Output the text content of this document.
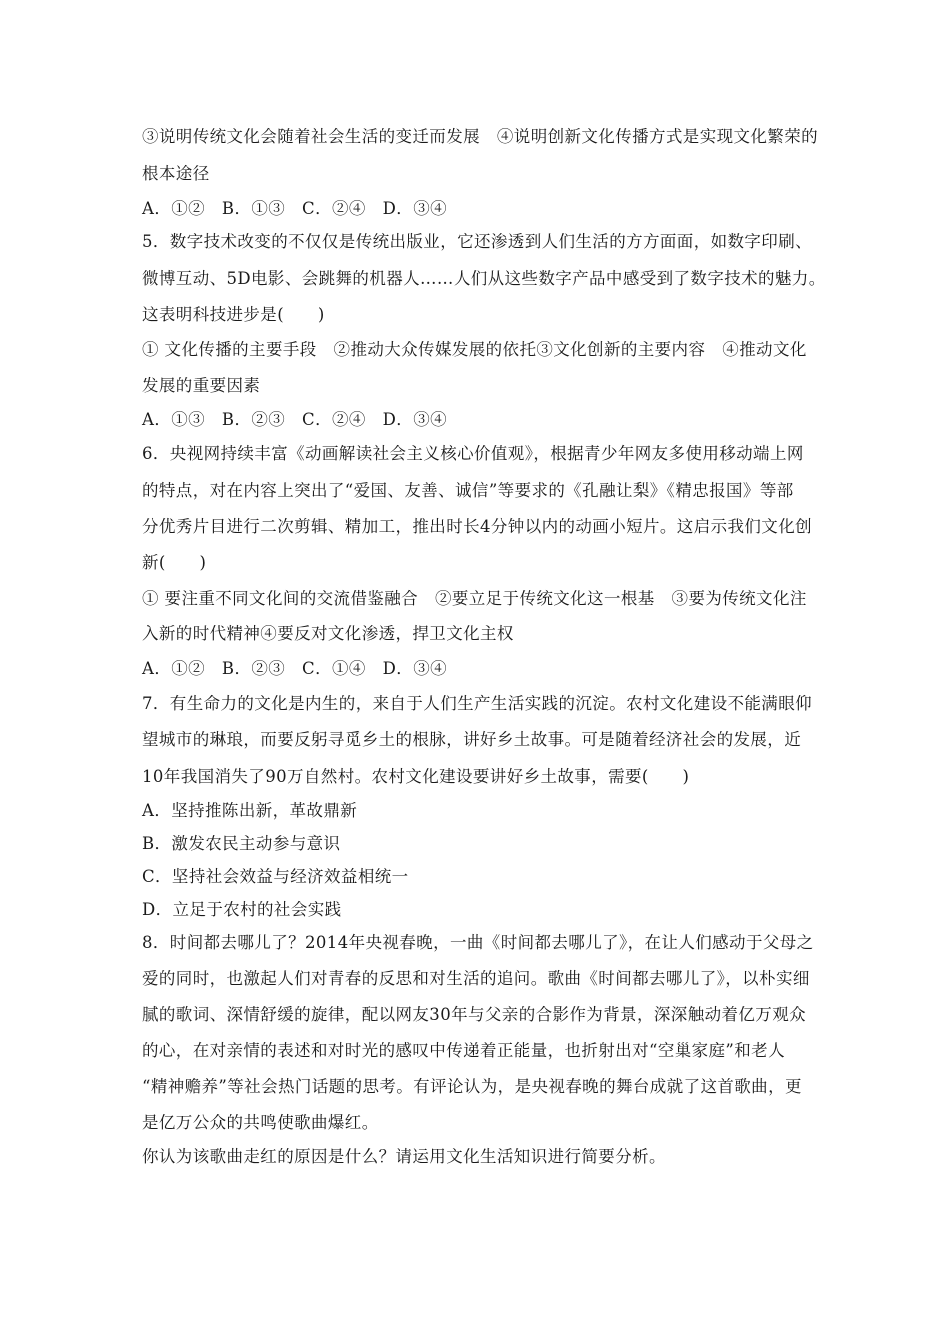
③说明传统文化会随着社会生活的变迁而发展　④说明创新文化传播方式是实现文化繁荣的

根本途径

A．①②　B．①③　C．②④　D．③④

5．数字技术改变的不仅仅是传统出版业，它还渗透到人们生活的方方面面，如数字印刷、

微博互动、5D电影、会跳舞的机器人……人们从这些数字产品中感受到了数字技术的魅力。

这表明科技进步是(　　)

① 文化传播的主要手段　②推动大众传媒发展的依托③文化创新的主要内容　④推动文化

发展的重要因素

A．①③　B．②③　C．②④　D．③④

6．央视网持续丰富《动画解读社会主义核心价值观》，根据青少年网友多使用移动端上网

的特点，对在内容上突出了“爱国、友善、诚信”等要求的《孔融让梨》《精忠报国》等部

分优秀片目进行二次剪辑、精加工，推出时长4分钟以内的动画小短片。这启示我们文化创

新(　　)

① 要注重不同文化间的交流借鉴融合　②要立足于传统文化这一根基　③要为传统文化注

入新的时代精神④要反对文化渗透，捍卫文化主权

A．①②　B．②③　C．①④　D．③④

7．有生命力的文化是内生的，来自于人们生产生活实践的沉淀。农村文化建设不能满眼仰

望城市的琳琅，而要反躬寻觅乡土的根脉，讲好乡土故事。可是随着经济社会的发展，近

10年我国消失了90万自然村。农村文化建设要讲好乡土故事，需要(　　)

A．坚持推陈出新，革故鼎新

B．激发农民主动参与意识

C．坚持社会效益与经济效益相统一

D．立足于农村的社会实践

8．时间都去哪儿了？2014年央视春晚，一曲《时间都去哪儿了》，在让人们感动于父母之

爱的同时，也激起人们对青春的反思和对生活的追问。歌曲《时间都去哪儿了》，以朴实细

腻的歌词、深情舒缓的旋律，配以网友30年与父亲的合影作为背景，深深触动着亿万观众

的心，在对亲情的表述和对时光的感叹中传递着正能量，也折射出对“空巢家庭”和老人

“精神赡养”等社会热门话题的思考。有评论认为，是央视春晚的舞台成就了这首歌曲，更

是亿万公众的共鸣使歌曲爆红。

你认为该歌曲走红的原因是什么？请运用文化生活知识进行简要分析。
